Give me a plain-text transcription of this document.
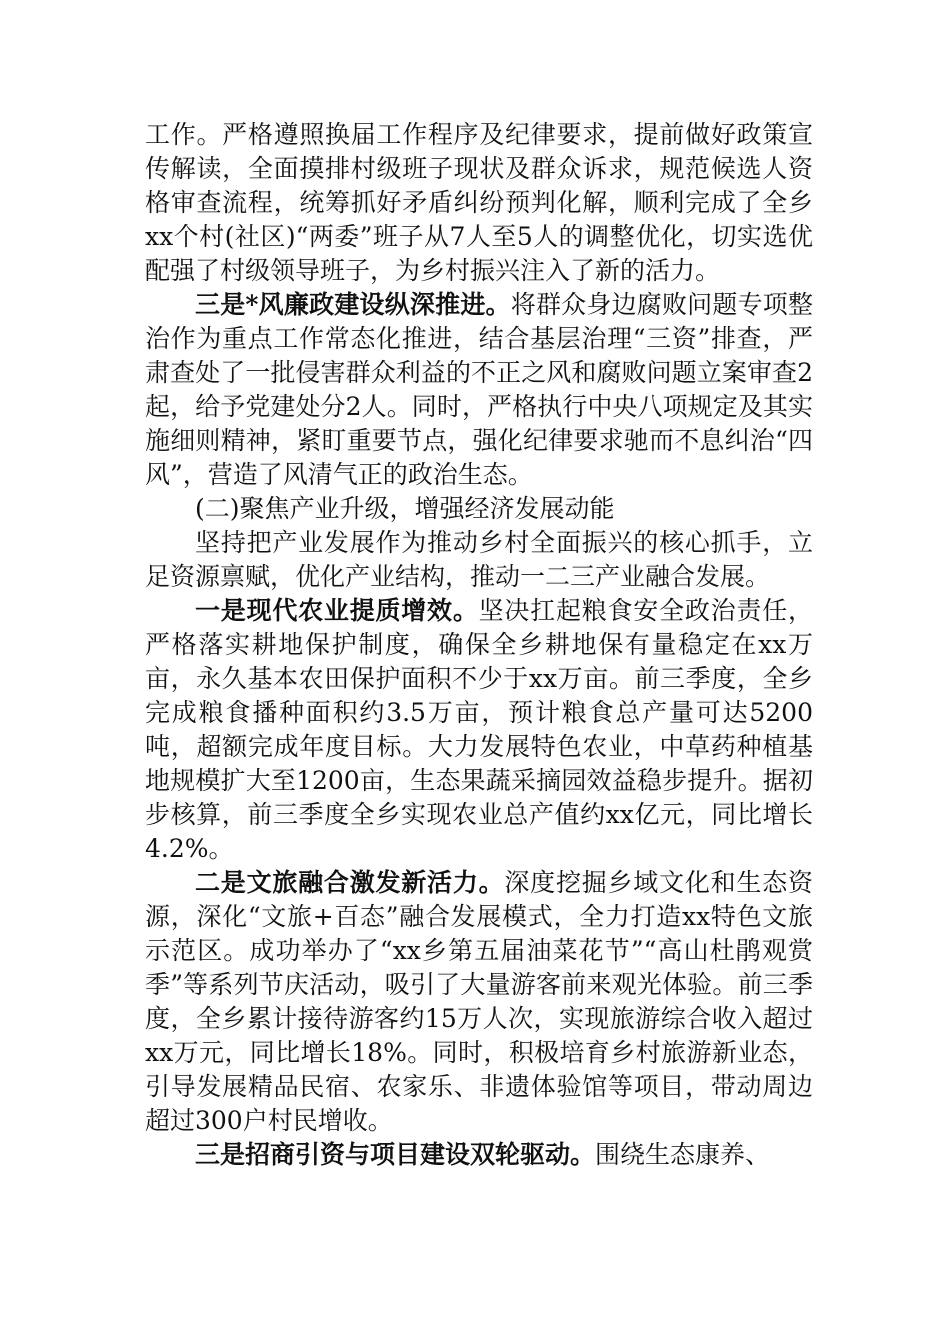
工作。严格遵照换届工作程序及纪律要求，提前做好政策宣传解读，全面摸排村级班子现状及群众诉求，规范候选人资格审查流程，统筹抓好矛盾纠纷预判化解，顺利完成了全乡xx个村(社区)“两委”班子从7人至5人的调整优化，切实选优配强了村级领导班子，为乡村振兴注入了新的活力。

三是*风廉政建设纵深推进。将群众身边腐败问题专项整治作为重点工作常态化推进，结合基层治理“三资”排查，严肃查处了一批侵害群众利益的不正之风和腐败问题立案审查2起，给予党建处分2人。同时，严格执行中央八项规定及其实施细则精神，紧盯重要节点，强化纪律要求驰而不息纠治“四风”，营造了风清气正的政治生态。

(二)聚焦产业升级，增强经济发展动能

坚持把产业发展作为推动乡村全面振兴的核心抓手，立足资源禀赋，优化产业结构，推动一二三产业融合发展。

一是现代农业提质增效。坚决扛起粮食安全政治责任，严格落实耕地保护制度，确保全乡耕地保有量稳定在xx万亩，永久基本农田保护面积不少于xx万亩。前三季度，全乡完成粮食播种面积约3.5万亩，预计粮食总产量可达5200吨，超额完成年度目标。大力发展特色农业，中草药种植基地规模扩大至1200亩，生态果蔬采摘园效益稳步提升。据初步核算，前三季度全乡实现农业总产值约xx亿元，同比增长4.2%。

二是文旅融合激发新活力。深度挖掘乡域文化和生态资源，深化“文旅+百态”融合发展模式，全力打造xx特色文旅示范区。成功举办了“xx乡第五届油菜花节”“高山杜鹃观赏季”等系列节庆活动，吸引了大量游客前来观光体验。前三季度，全乡累计接待游客约15万人次，实现旅游综合收入超过xx万元，同比增长18%。同时，积极培育乡村旅游新业态，引导发展精品民宿、农家乐、非遗体验馆等项目，带动周边超过300户村民增收。

三是招商引资与项目建设双轮驱动。围绕生态康养、
